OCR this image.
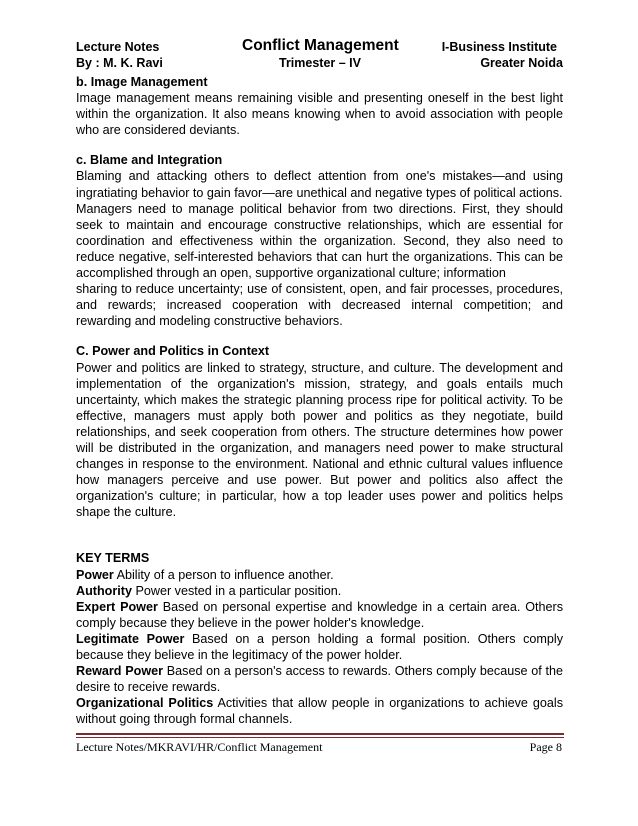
Lecture Notes	Conflict Management	I-Business Institute
By : M. K. Ravi	Trimester – IV	Greater Noida
b. Image Management

Image management means remaining visible and presenting oneself in the best light within the organization. It also means knowing when to avoid association with people who are considered deviants.

c. Blame and Integration

Blaming and attacking others to deflect attention from one's mistakes—and using ingratiating behavior to gain favor—are unethical and negative types of political actions.

Managers need to manage political behavior from two directions. First, they should seek to maintain and encourage constructive relationships, which are essential for coordination and effectiveness within the organization. Second, they also need to reduce negative, self-interested behaviors that can hurt the organizations. This can be accomplished through an open, supportive organizational culture; information

sharing to reduce uncertainty; use of consistent, open, and fair processes, procedures, and rewards; increased cooperation with decreased internal competition; and rewarding and modeling constructive behaviors.

C. Power and Politics in Context

Power and politics are linked to strategy, structure, and culture. The development and implementation of the organization's mission, strategy, and goals entails much uncertainty, which makes the strategic planning process ripe for political activity. To be effective, managers must apply both power and politics as they negotiate, build relationships, and seek cooperation from others. The structure determines how power will be distributed in the organization, and managers need power to make structural changes in response to the environment. National and ethnic cultural values influence how managers perceive and use power. But power and politics also affect the organization's culture; in particular, how a top leader uses power and politics helps shape the culture.

KEY TERMS

Power Ability of a person to influence another.

Authority Power vested in a particular position.

Expert Power Based on personal expertise and knowledge in a certain area. Others comply because they believe in the power holder's knowledge.

Legitimate Power Based on a person holding a formal position. Others comply because they believe in the legitimacy of the power holder.

Reward Power Based on a person's access to rewards. Others comply because of the desire to receive rewards.

Organizational Politics Activities that allow people in organizations to achieve goals without going through formal channels.

Lecture Notes/MKRAVI/HR/Conflict Management	Page 8
